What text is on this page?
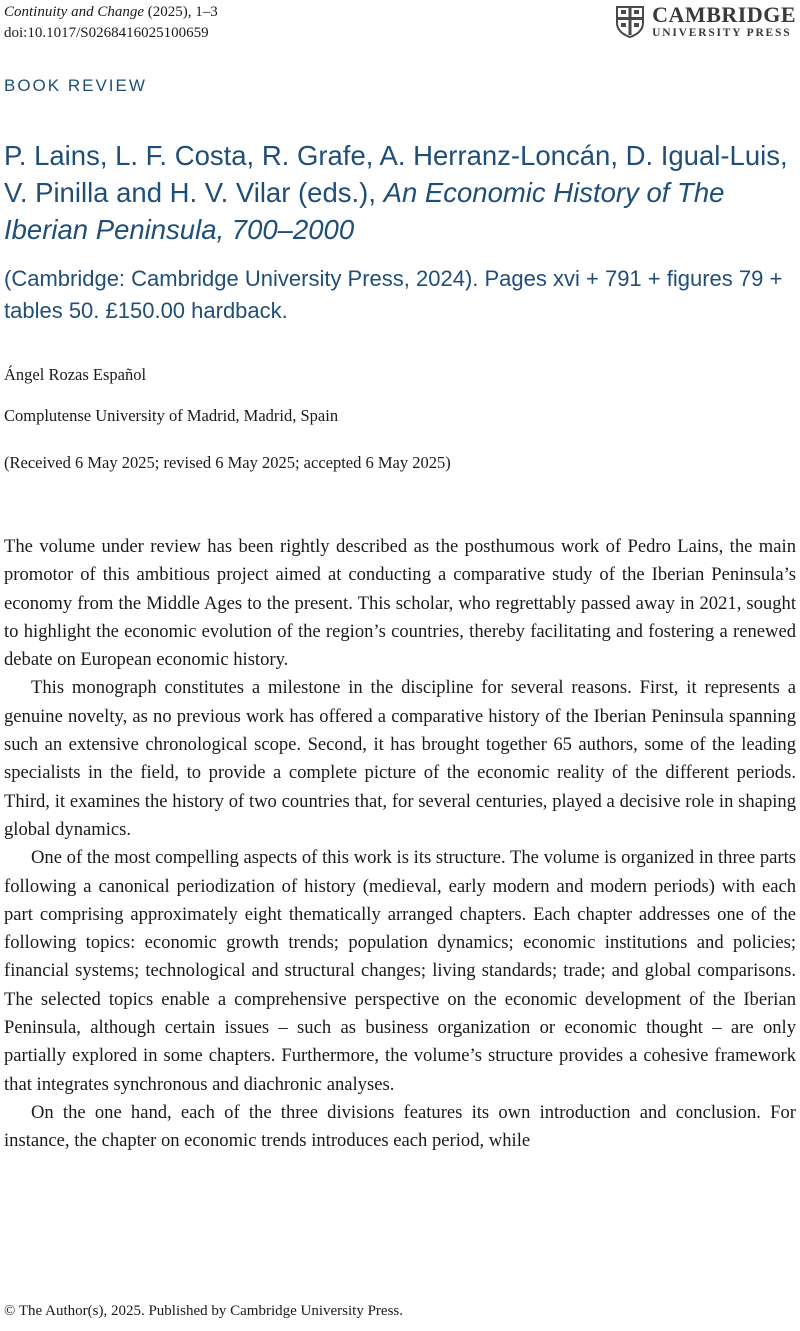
Continuity and Change (2025), 1–3
doi:10.1017/S0268416025100659
CAMBRIDGE
UNIVERSITY PRESS
BOOK REVIEW
P. Lains, L. F. Costa, R. Grafe, A. Herranz-Loncán, D. Igual-Luis, V. Pinilla and H. V. Vilar (eds.), An Economic History of The Iberian Peninsula, 700–2000
(Cambridge: Cambridge University Press, 2024). Pages xvi + 791 + figures 79 + tables 50. £150.00 hardback.
Ángel Rozas Español
Complutense University of Madrid, Madrid, Spain
(Received 6 May 2025; revised 6 May 2025; accepted 6 May 2025)

The volume under review has been rightly described as the posthumous work of Pedro Lains, the main promotor of this ambitious project aimed at conducting a comparative study of the Iberian Peninsula’s economy from the Middle Ages to the present. This scholar, who regrettably passed away in 2021, sought to highlight the economic evolution of the region’s countries, thereby facilitating and fostering a renewed debate on European economic history.

This monograph constitutes a milestone in the discipline for several reasons. First, it represents a genuine novelty, as no previous work has offered a comparative history of the Iberian Peninsula spanning such an extensive chronological scope. Second, it has brought together 65 authors, some of the leading specialists in the field, to provide a complete picture of the economic reality of the different periods. Third, it examines the history of two countries that, for several centuries, played a decisive role in shaping global dynamics.

One of the most compelling aspects of this work is its structure. The volume is organized in three parts following a canonical periodization of history (medieval, early modern and modern periods) with each part comprising approximately eight thematically arranged chapters. Each chapter addresses one of the following topics: economic growth trends; population dynamics; economic institutions and policies; financial systems; technological and structural changes; living standards; trade; and global comparisons. The selected topics enable a comprehensive perspective on the economic development of the Iberian Peninsula, although certain issues – such as business organization or economic thought – are only partially explored in some chapters. Furthermore, the volume’s structure provides a cohesive framework that integrates synchronous and diachronic analyses.

On the one hand, each of the three divisions features its own introduction and conclusion. For instance, the chapter on economic trends introduces each period, while

© The Author(s), 2025. Published by Cambridge University Press.
